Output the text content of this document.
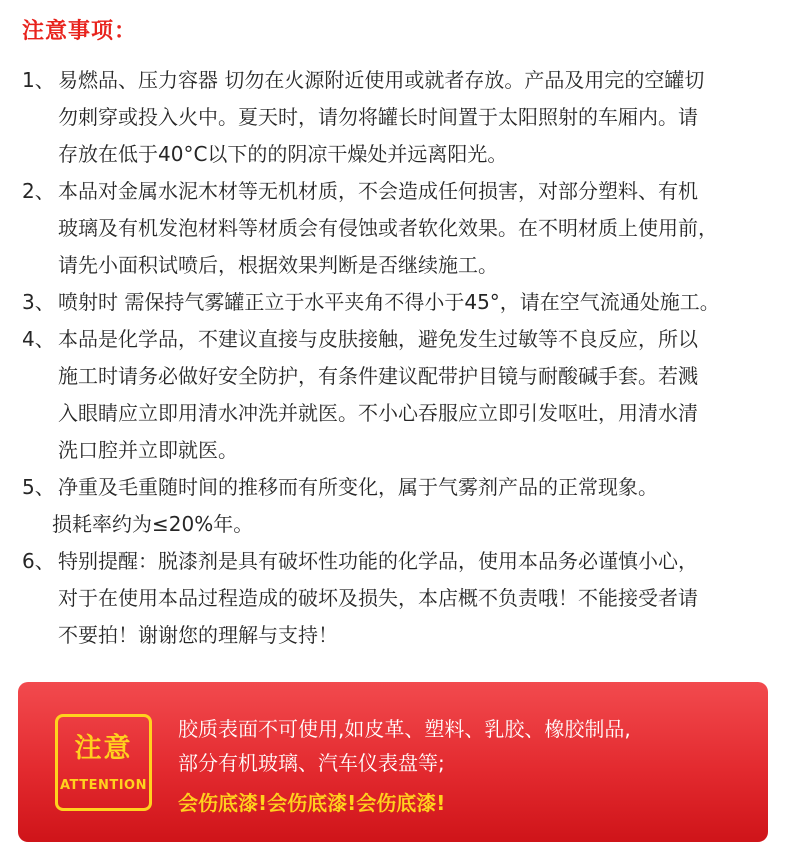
注意事项：
1、 易燃品、压力容器 切勿在火源附近使用或就者存放。产品及用完的空罐切
勿刺穿或投入火中。夏天时，请勿将罐长时间置于太阳照射的车厢内。请
存放在低于40°C以下的的阴凉干燥处并远离阳光。
2、 本品对金属水泥木材等无机材质，不会造成任何损害，对部分塑料、有机
玻璃及有机发泡材料等材质会有侵蚀或者软化效果。在不明材质上使用前，
请先小面积试喷后，根据效果判断是否继续施工。
3、 喷射时 需保持气雾罐正立于水平夹角不得小于45°，请在空气流通处施工。
4、 本品是化学品，不建议直接与皮肤接触，避免发生过敏等不良反应，所以
施工时请务必做好安全防护，有条件建议配带护目镜与耐酸碱手套。若溅
入眼睛应立即用清水冲洗并就医。不小心吞服应立即引发呕吐，用清水清
洗口腔并立即就医。
5、 净重及毛重随时间的推移而有所变化，属于气雾剂产品的正常现象。
损耗率约为≤20%年。
6、 特别提醒：脱漆剂是具有破坏性功能的化学品，使用本品务必谨慎小心，
对于在使用本品过程造成的破坏及损失，本店概不负责哦！不能接受者请
不要拍！谢谢您的理解与支持！
注意
ATTENTION
胶质表面不可使用,如皮革、塑料、乳胶、橡胶制品,
部分有机玻璃、汽车仪表盘等;
会伤底漆!会伤底漆!会伤底漆!
